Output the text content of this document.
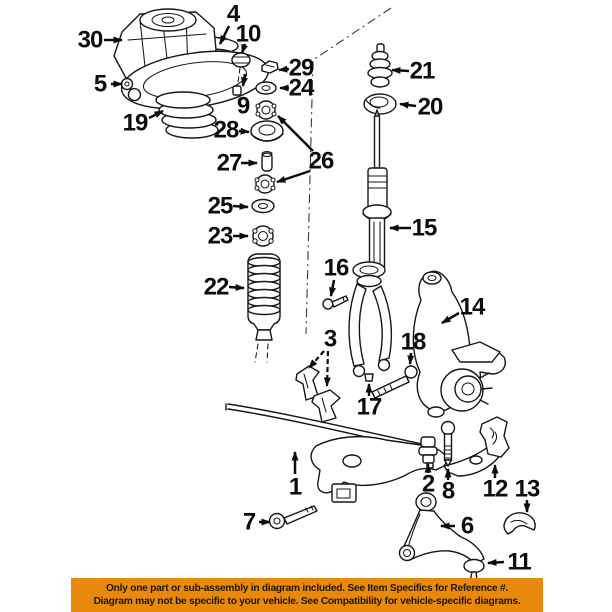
30
4
10
9
5
19
29
24
28
27	26
25
23
22
21
20
15
16
3	18
17
14
1
7
2 8 12 13
6
11
Only one part or sub-assembly in diagram included. See Item Specifics for Reference #.
Diagram may not be specific to your vehicle. See Compatibility for vehicle-specific diagrams.
